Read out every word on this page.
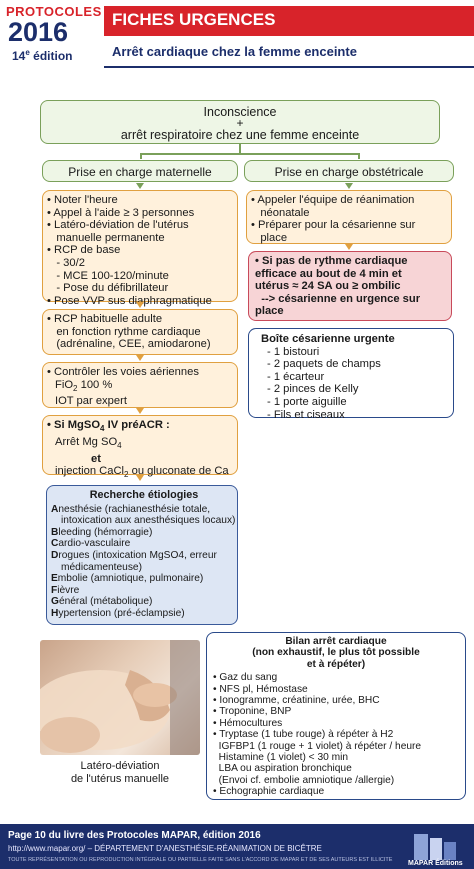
PROTOCOLES
2016
14e édition
FICHES URGENCES
Arrêt cardiaque chez la femme enceinte
Inconscience
+
arrêt respiratoire chez une femme enceinte
Prise en charge maternelle	Prise en charge obstétricale
• Noter l'heure
• Appel à l'aide ≥ 3 personnes
• Latéro-déviation de l'utérus
manuelle permanente
• RCP de base
- 30/2
- MCE 100-120/minute
- Pose du défibrillateur
• Pose VVP sus diaphragmatique
• RCP habituelle adulte
en fonction rythme cardiaque
(adrénaline, CEE, amiodarone)
• Contrôler les voies aériennes
FiO$_2$ 100 %
IOT par expert
• Si MgSO$_4$ IV préACR :
Arrêt Mg $SO_4$
et
injection CaCl$_2$ ou gluconate de Ca
Recherche étiologies
Anesthésie (rachianesthésie totale,
intoxication aux anesthésiques locaux)
Bleeding (hémorragie)
Cardio-vasculaire
Drogues (intoxication MgSO4, erreur
médicamenteuse)
Embolie (amniotique, pulmonaire)
Fièvre
Général (métabolique)
Hypertension (pré-éclampsie)
• Appeler l'équipe de réanimation
néonatale
• Préparer pour la césarienne sur
place
• Si pas de rythme cardiaque
efficace au bout de 4 min et
utérus ≈ 24 SA ou ≥ ombilic
--> césarienne en urgence sur
place
Boîte césarienne urgente
- 1 bistouri
- 2 paquets de champs
- 1 écarteur
- 2 pinces de Kelly
- 1 porte aiguille
- Fils et ciseaux
Latéro-déviation
de l'utérus manuelle
Bilan arrêt cardiaque
(non exhaustif, le plus tôt possible
et à répéter)
• Gaz du sang
• NFS pl, Hémostase
• Ionogramme, créatinine, urée, BHC
• Troponine, BNP
• Hémocultures
• Tryptase (1 tube rouge) à répéter à H2
IGFBP1 (1 rouge + 1 violet) à répéter / heure
Histamine (1 violet) < 30 min
LBA ou aspiration bronchique
(Envoi cf. embolie amniotique /allergie)
• Echographie cardiaque
Page 10 du livre des Protocoles MAPAR, édition 2016
http://www.mapar.org/ – DÉPARTEMENT D'ANESTHÉSIE-RÉANIMATION DE BICÊTRE
TOUTE REPRÉSENTATION OU REPRODUCTION INTÉGRALE OU PARTIELLE FAITE SANS L'ACCORD DE MAPAR ET DE SES AUTEURS EST ILLICITE MAPAR Éditions
